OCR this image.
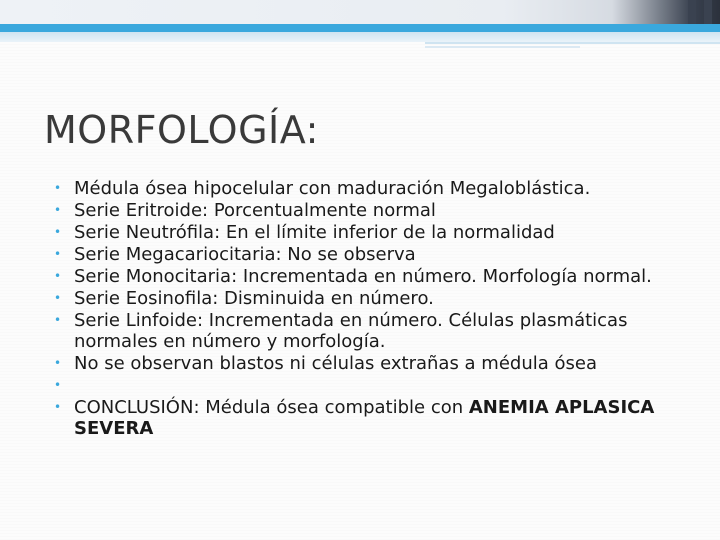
MORFOLOGÍA:
• Médula ósea hipocelular con maduración Megaloblástica.
• Serie Eritroide: Porcentualmente normal
• Serie Neutrófila: En el límite inferior de la normalidad
• Serie Megacariocitaria: No se observa
• Serie Monocitaria: Incrementada en número. Morfología normal.
• Serie Eosinofila: Disminuida en número.
• Serie Linfoide: Incrementada en número. Células plasmáticas normales en número y morfología.
• No se observan blastos ni células extrañas a médula ósea
•
• CONCLUSIÓN: Médula ósea compatible con ANEMIA APLASICA SEVERA
